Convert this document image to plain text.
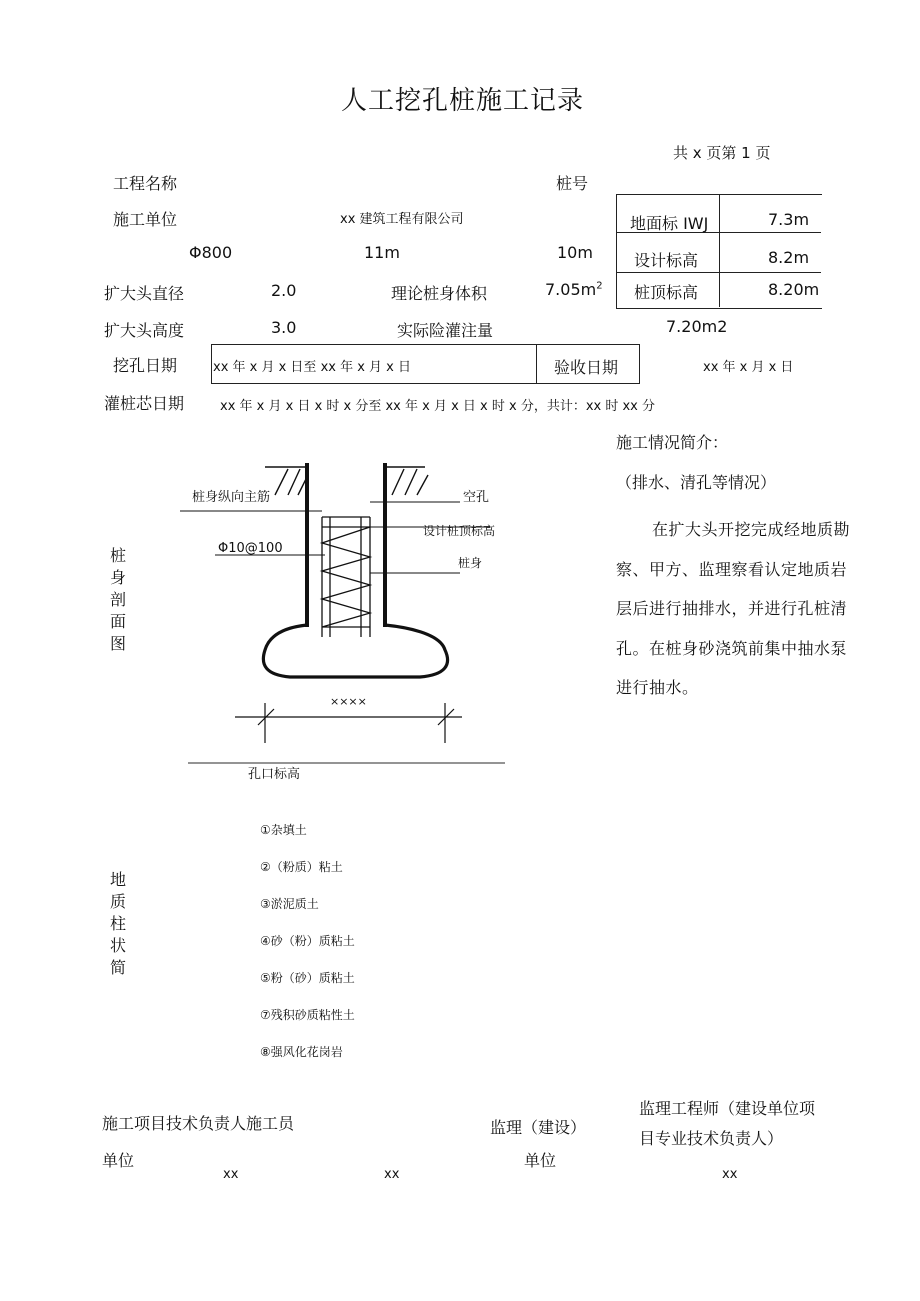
人工挖孔桩施工记录
共 x 页第 1 页
工程名称	桩号
地面标 IWJ	7.3m
设计标高	8.2m
桩顶标高	8.20m
施工单位	xx 建筑工程有限公司
Φ800	11m	10m
扩大头直径	2.0	理论桩身体积	$7.05m^2$
扩大头高度	3.0	实际险灌注量	7.20m2
挖孔日期	xx 年 x 月 x 日至 xx 年 x 月 x 日	验收日期	xx 年 x 月 x 日
灌桩芯日期	xx 年 x 月 x 日 x 时 x 分至 xx 年 x 月 x 日 x 时 x 分，共计：xx 时 xx 分
施工情况简介：
（排水、清孔等情况）
在扩大头开挖完成经地质勘察、甲方、监理察看认定地质岩层后进行抽排水，并进行孔桩清孔。在桩身砂浇筑前集中抽水泵进行抽水。
桩身剖面图
桩身纵向主筋	空孔
设计桩顶标高
Φ10@100
桩身
××××
孔口标高
地质柱状简
①杂填土
②（粉质）粘土
③淤泥质土
④砂（粉）质粘土
⑤粉（砂）质粘土
⑦残积砂质粘性土
⑧强风化花岗岩
施工项目技术负责人施工员
单位
监理（建设）
单位
监理工程师（建设单位项
目专业技术负责人）
xx	xx	xx
